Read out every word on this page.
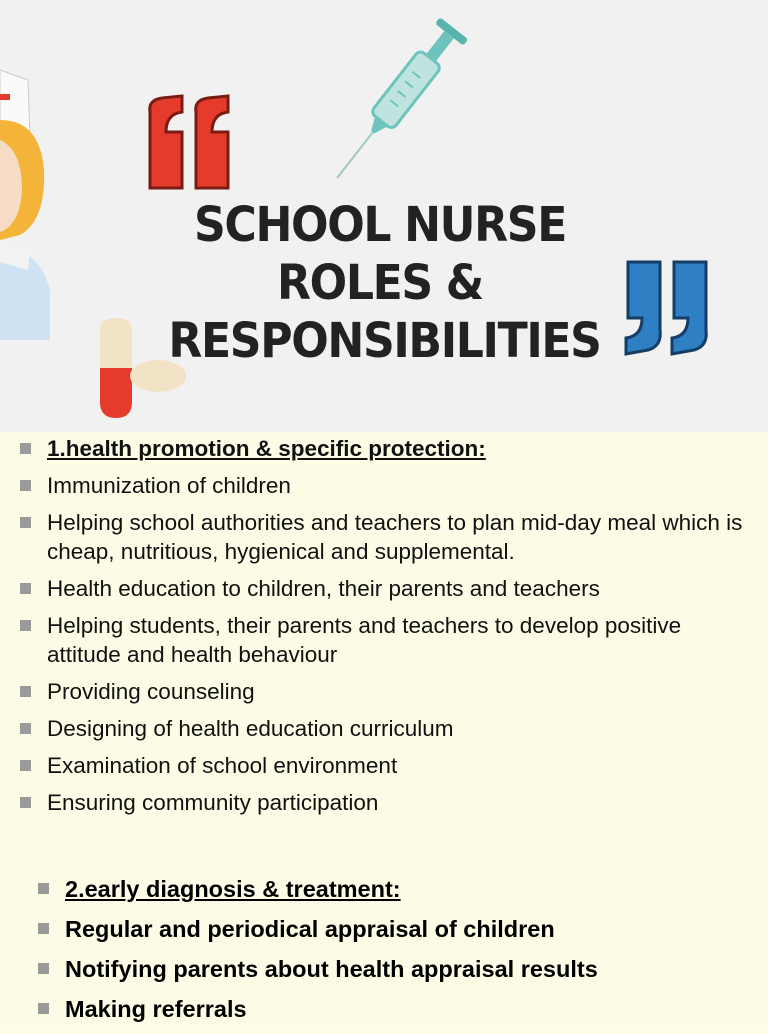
SCHOOL NURSE
ROLES &
RESPONSIBILITIES
1.health promotion & specific protection:
Immunization of children
Helping school authorities and teachers to plan mid-day meal which is cheap, nutritious, hygienical and supplemental.
Health education to children, their parents and teachers
Helping students, their parents and teachers to develop positive attitude and health behaviour
Providing counseling
Designing of health education curriculum
Examination of school environment
Ensuring community participation
2.early diagnosis & treatment:
Regular and periodical appraisal of children
Notifying parents about health appraisal results
Making referrals
